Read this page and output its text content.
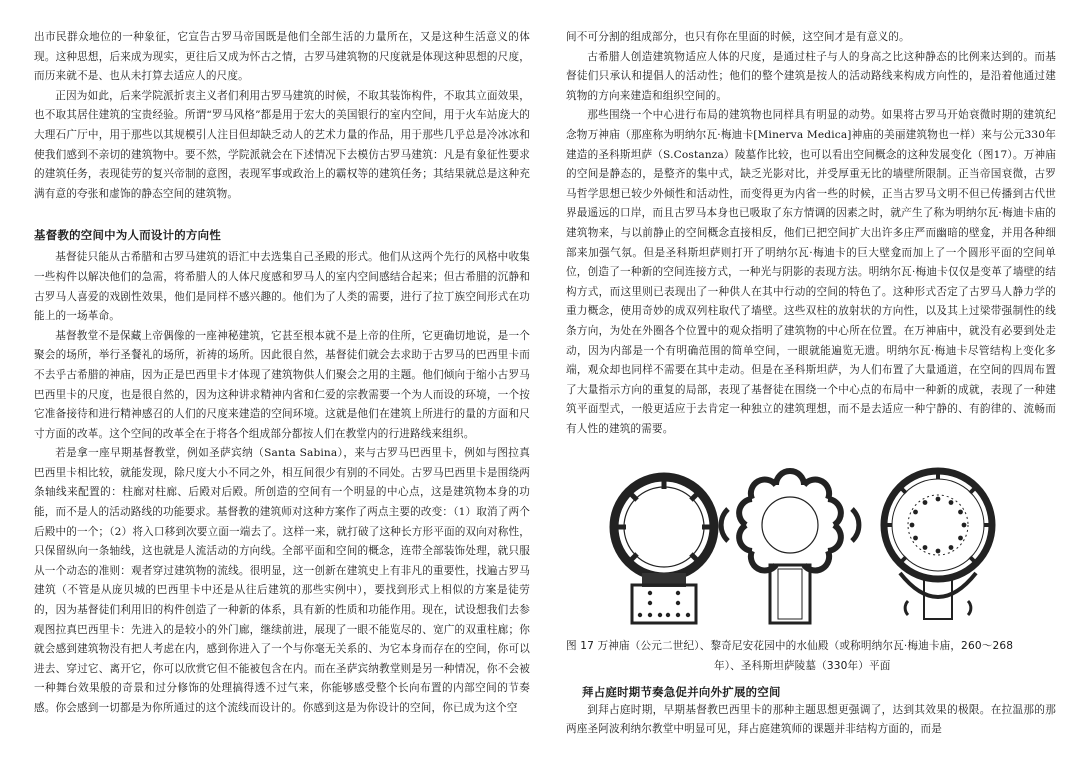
出市民群众地位的一种象征，它宣告古罗马帝国既是他们全部生活的力量所在，又是这种生活意义的体现。这种思想，后来成为现实，更往后又成为怀古之情，古罗马建筑物的尺度就是体现这种思想的尺度，而历来就不是、也从未打算去适应人的尺度。

正因为如此，后来学院派折衷主义者们利用古罗马建筑的时候，不取其装饰构件，不取其立面效果，也不取其居住建筑的宝贵经验。所谓“罗马风格”都是用于宏大的美国银行的室内空间，用于火车站庞大的大理石广厅中，用于那些以其规模引人注目但却缺乏动人的艺术力量的作品，用于那些几乎总是冷冰冰和使我们感到不亲切的建筑物中。要不然，学院派就会在下述情况下去模仿古罗马建筑：凡是有象征性要求的建筑任务，表现徒劳的复兴帝制的意图，表现军事或政治上的霸权等的建筑任务；其结果就总是这种充满有意的夸张和虚饰的静态空间的建筑物。

基督教的空间中为人而设计的方向性

基督徒只能从古希腊和古罗马建筑的语汇中去选集自己圣殿的形式。他们从这两个先行的风格中收集一些构件以解决他们的急需，将希腊人的人体尺度感和罗马人的室内空间感结合起来；但古希腊的沉静和古罗马人喜爱的戏剧性效果，他们是同样不感兴趣的。他们为了人类的需要，进行了拉丁族空间形式在功能上的一场革命。

基督教堂不是保藏上帝偶像的一座神秘建筑，它甚至根本就不是上帝的住所，它更确切地说，是一个聚会的场所，举行圣餐礼的场所，祈祷的场所。因此很自然，基督徒们就会去求助于古罗马的巴西里卡而不去乎古希腊的神庙，因为正是巴西里卡才体现了建筑物供人们聚会之用的主题。他们倾向于缩小古罗马巴西里卡的尺度，也是很自然的，因为这种讲求精神内省和仁爱的宗教需要一个为人而设的环境，一个按它准备接待和进行精神感召的人们的尺度来建造的空间环境。这就是他们在建筑上所进行的量的方面和尺寸方面的改革。这个空间的改革全在于将各个组成部分都按人们在教堂内的行进路线来组织。

若是拿一座早期基督教堂，例如圣萨宾纳（Santa Sabina），来与古罗马巴西里卡，例如与图拉真巴西里卡相比较，就能发现，除尺度大小不同之外，相互间很少有别的不同处。古罗马巴西里卡是围绕两条轴线来配置的：柱廊对柱廊、后殿对后殿。所创造的空间有一个明显的中心点，这是建筑物本身的功能，而不是人的活动路线的功能要求。基督教的建筑师对这种方案作了两点主要的改变：（1）取消了两个后殿中的一个；（2）将入口移到次要立面一端去了。这样一来，就打破了这种长方形平面的双向对称性，只保留纵向一条轴线，这也就是人流活动的方向线。全部平面和空间的概念，连带全部装饰处理，就只服从一个动态的准则：观者穿过建筑物的流线。很明显，这一创新在建筑史上有非凡的重要性，找遍古罗马建筑（不管是从庞贝城的巴西里卡中还是从往后建筑的那些实例中），要找到形式上相似的方案是徒劳的，因为基督徒们利用旧的构件创造了一种新的体系，具有新的性质和功能作用。现在，试设想我们去参观图拉真巴西里卡：先进入的是较小的外门廊，继续前进，展现了一眼不能览尽的、宽广的双重柱廊；你就会感到建筑物没有把人考虑在内，感到你进入了一个与你毫无关系的、为它本身而存在的空间，你可以进去、穿过它、离开它，你可以欣赏它但不能被包含在内。而在圣萨宾纳教堂则是另一种情况，你不会被一种舞台效果般的奇景和过分修饰的处理搞得透不过气来，你能够感受整个长向布置的内部空间的节奏感。你会感到一切都是为你所通过的这个流线而设计的。你感到这是为你设计的空间，你已成为这个空

间不可分割的组成部分，也只有你在里面的时候，这空间才是有意义的。

古希腊人创造建筑物适应人体的尺度，是通过柱子与人的身高之比这种静态的比例来达到的。而基督徒们只承认和提倡人的活动性；他们的整个建筑是按人的活动路线来构成方向性的，是沿着他通过建筑物的方向来建造和组织空间的。

那些围绕一个中心进行布局的建筑物也同样具有明显的动势。如果将古罗马开始衰微时期的建筑纪念物万神庙（那座称为明纳尔瓦·梅迪卡[Minerva Medica]神庙的美丽建筑物也一样）来与公元330年建造的圣科斯坦萨（S.Costanza）陵墓作比较，也可以看出空间概念的这种发展变化（图17）。万神庙的空间是静态的，是整齐的集中式，缺乏光影对比，并受厚重无比的墙壁所限制。正当帝国衰微，古罗马哲学思想已较少外倾性和活动性，而变得更为内省一些的时候，正当古罗马文明不但已传播到古代世界最遥远的口岸，而且古罗马本身也已吸取了东方情调的因素之时，就产生了称为明纳尔瓦·梅迪卡庙的建筑物来，与以前静止的空间概念直接相反，他们已把空间扩大出许多庄严而幽暗的壁龛，并用各种细部来加强气氛。但是圣科斯坦萨则打开了明纳尔瓦·梅迪卡的巨大壁龛而加上了一个圆形平面的空间单位，创造了一种新的空间连接方式，一种光与阴影的表现方法。明纳尔瓦·梅迪卡仅仅是变革了墙壁的结构方式，而这里则已表现出了一种供人在其中行动的空间的特色了。这种形式否定了古罗马人静力学的重力概念，使用奇妙的成双列柱取代了墙壁。这些双柱的放射状的方向性，以及其上过梁带强制性的线条方向，为处在外圈各个位置中的观众指明了建筑物的中心所在位置。在万神庙中，就没有必要到处走动，因为内部是一个有明确范围的简单空间，一眼就能遍览无遗。明纳尔瓦·梅迪卡尽管结构上变化多端，观众却也同样不需要在其中走动。但是在圣科斯坦萨，为人们布置了大量通道，在空间的四周布置了大量指示方向的重复的局部，表现了基督徒在围绕一个中心点的布局中一种新的成就，表现了一种建筑平面型式，一般更适应于去肯定一种独立的建筑理想，而不是去适应一种宁静的、有韵律的、流畅而有人性的建筑的需要。

图 17 万神庙（公元二世纪）、黎奇尼安花园中的水仙殿（或称明纳尔瓦·梅迪卡庙，260～268
年）、圣科斯坦萨陵墓（330年）平面

拜占庭时期节奏急促并向外扩展的空间

到拜占庭时期，早期基督教巴西里卡的那种主题思想更强调了，达到其效果的极限。在拉温那的那两座圣阿波利纳尔教堂中明显可见，拜占庭建筑师的课题并非结构方面的，而是
